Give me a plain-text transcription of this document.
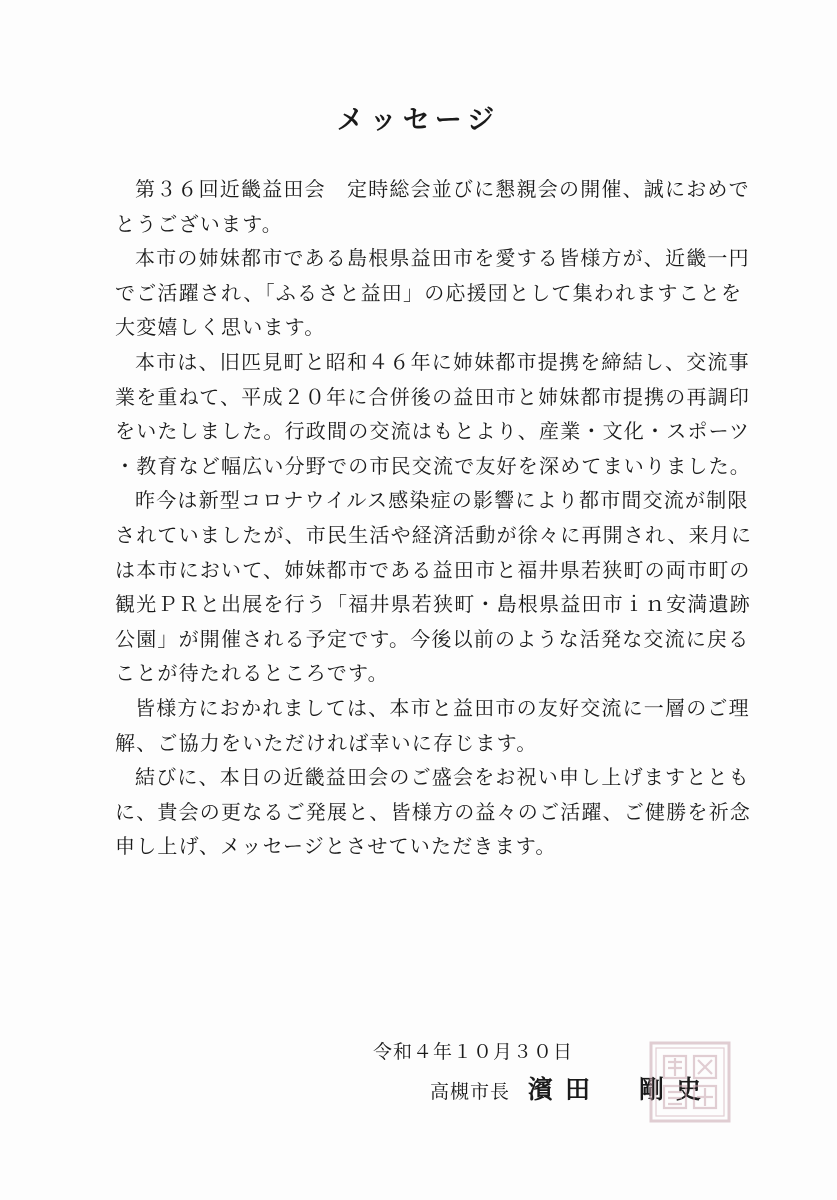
メッセージ

第３６回近畿益田会　定時総会並びに懇親会の開催、誠におめでとうございます。

本市の姉妹都市である島根県益田市を愛する皆様方が、近畿一円でご活躍され、「ふるさと益田」の応援団として集われますことを大変嬉しく思います。

本市は、旧匹見町と昭和４６年に姉妹都市提携を締結し、交流事業を重ねて、平成２０年に合併後の益田市と姉妹都市提携の再調印をいたしました。行政間の交流はもとより、産業・文化・スポーツ・教育など幅広い分野での市民交流で友好を深めてまいりました。

昨今は新型コロナウイルス感染症の影響により都市間交流が制限されていましたが、市民生活や経済活動が徐々に再開され、来月には本市において、姉妹都市である益田市と福井県若狭町の両市町の観光ＰＲと出展を行う「福井県若狭町・島根県益田市ｉｎ安満遺跡公園」が開催される予定です。今後以前のような活発な交流に戻ることが待たれるところです。

皆様方におかれましては、本市と益田市の友好交流に一層のご理解、ご協力をいただければ幸いに存じます。

結びに、本日の近畿益田会のご盛会をお祝い申し上げますとともに、貴会の更なるご発展と、皆様方の益々のご活躍、ご健勝を祈念申し上げ、メッセージとさせていただきます。

令和４年１０月３０日
高槻市長 濱田　剛史
